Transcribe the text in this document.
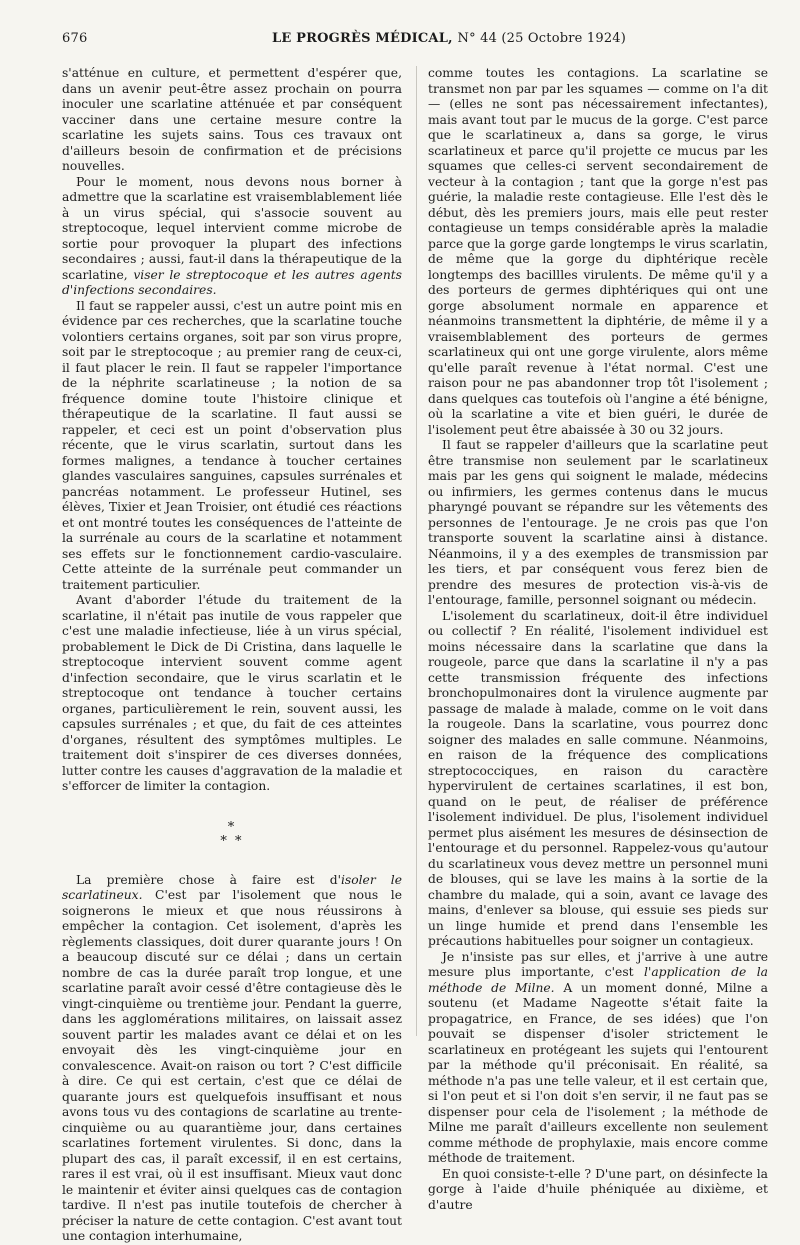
676	LE PROGRÈS MÉDICAL, N° 44 (25 Octobre 1924)

s'atténue en culture, et permettent d'espérer que, dans un avenir peut-être assez prochain on pourra inoculer une scarlatine atténuée et par conséquent vacciner dans une certaine mesure contre la scarlatine les sujets sains. Tous ces travaux ont d'ailleurs besoin de confirmation et de précisions nouvelles.

Pour le moment, nous devons nous borner à admettre que la scarlatine est vraisemblablement liée à un virus spécial, qui s'associe souvent au streptocoque, lequel intervient comme microbe de sortie pour provoquer la plupart des infections secondaires ; aussi, faut-il dans la thérapeutique de la scarlatine, viser le streptocoque et les autres agents d'infections secondaires.

Il faut se rappeler aussi, c'est un autre point mis en évidence par ces recherches, que la scarlatine touche volontiers certains organes, soit par son virus propre, soit par le streptocoque ; au premier rang de ceux-ci, il faut placer le rein. Il faut se rappeler l'importance de la néphrite scarlatineuse ; la notion de sa fréquence domine toute l'histoire clinique et thérapeutique de la scarlatine. Il faut aussi se rappeler, et ceci est un point d'observation plus récente, que le virus scarlatin, surtout dans les formes malignes, a tendance à toucher certaines glandes vasculaires sanguines, capsules surrénales et pancréas notamment. Le professeur Hutinel, ses élèves, Tixier et Jean Troisier, ont étudié ces réactions et ont montré toutes les conséquences de l'atteinte de la surrénale au cours de la scarlatine et notamment ses effets sur le fonctionnement cardio-vasculaire. Cette atteinte de la surrénale peut commander un traitement particulier.

Avant d'aborder l'étude du traitement de la scarlatine, il n'était pas inutile de vous rappeler que c'est une maladie infectieuse, liée à un virus spécial, probablement le Dick de Di Cristina, dans laquelle le streptocoque intervient souvent comme agent d'infection secondaire, que le virus scarlatin et le streptocoque ont tendance à toucher certains organes, particulièrement le rein, souvent aussi, les capsules surrénales ; et que, du fait de ces atteintes d'organes, résultent des symptômes multiples. Le traitement doit s'inspirer de ces diverses données, lutter contre les causes d'aggravation de la maladie et s'efforcer de limiter la contagion.

*
* *

La première chose à faire est d'isoler le scarlatineux. C'est par l'isolement que nous le soignerons le mieux et que nous réussirons à empêcher la contagion. Cet isolement, d'après les règlements classiques, doit durer quarante jours ! On a beaucoup discuté sur ce délai ; dans un certain nombre de cas la durée paraît trop longue, et une scarlatine paraît avoir cessé d'être contagieuse dès le vingt-cinquième ou trentième jour. Pendant la guerre, dans les agglomérations militaires, on laissait assez souvent partir les malades avant ce délai et on les envoyait dès les vingt-cinquième jour en convalescence. Avait-on raison ou tort ? C'est difficile à dire. Ce qui est certain, c'est que ce délai de quarante jours est quelquefois insuffisant et nous avons tous vu des contagions de scarlatine au trente-cinquième ou au quarantième jour, dans certaines scarlatines fortement virulentes. Si donc, dans la plupart des cas, il paraît excessif, il en est certains, rares il est vrai, où il est insuffisant. Mieux vaut donc le maintenir et éviter ainsi quelques cas de contagion tardive. Il n'est pas inutile toutefois de chercher à préciser la nature de cette contagion. C'est avant tout une contagion interhumaine,

comme toutes les contagions. La scarlatine se transmet non par par les squames — comme on l'a dit — (elles ne sont pas nécessairement infectantes), mais avant tout par le mucus de la gorge. C'est parce que le scarlatineux a, dans sa gorge, le virus scarlatineux et parce qu'il projette ce mucus par les squames que celles-ci servent secondairement de vecteur à la contagion ; tant que la gorge n'est pas guérie, la maladie reste contagieuse. Elle l'est dès le début, dès les premiers jours, mais elle peut rester contagieuse un temps considérable après la maladie parce que la gorge garde longtemps le virus scarlatin, de même que la gorge du diphtérique recèle longtemps des bacillles virulents. De même qu'il y a des porteurs de germes diphtériques qui ont une gorge absolument normale en apparence et néanmoins transmettent la diphtérie, de même il y a vraisemblablement des porteurs de germes scarlatineux qui ont une gorge virulente, alors même qu'elle paraît revenue à l'état normal. C'est une raison pour ne pas abandonner trop tôt l'isolement ; dans quelques cas toutefois où l'angine a été bénigne, où la scarlatine a vite et bien guéri, le durée de l'isolement peut être abaissée à 30 ou 32 jours.

Il faut se rappeler d'ailleurs que la scarlatine peut être transmise non seulement par le scarlatineux mais par les gens qui soignent le malade, médecins ou infirmiers, les germes contenus dans le mucus pharyngé pouvant se répandre sur les vêtements des personnes de l'entourage. Je ne crois pas que l'on transporte souvent la scarlatine ainsi à distance. Néanmoins, il y a des exemples de transmission par les tiers, et par conséquent vous ferez bien de prendre des mesures de protection vis-à-vis de l'entourage, famille, personnel soignant ou médecin.

L'isolement du scarlatineux, doit-il être individuel ou collectif ? En réalité, l'isolement individuel est moins nécessaire dans la scarlatine que dans la rougeole, parce que dans la scarlatine il n'y a pas cette transmission fréquente des infections bronchopulmonaires dont la virulence augmente par passage de malade à malade, comme on le voit dans la rougeole. Dans la scarlatine, vous pourrez donc soigner des malades en salle commune. Néanmoins, en raison de la fréquence des complications streptococciques, en raison du caractère hypervirulent de certaines scarlatines, il est bon, quand on le peut, de réaliser de préférence l'isolement individuel. De plus, l'isolement individuel permet plus aisément les mesures de désinsection de l'entourage et du personnel. Rappelez-vous qu'autour du scarlatineux vous devez mettre un personnel muni de blouses, qui se lave les mains à la sortie de la chambre du malade, qui a soin, avant ce lavage des mains, d'enlever sa blouse, qui essuie ses pieds sur un linge humide et prend dans l'ensemble les précautions habituelles pour soigner un contagieux.

Je n'insiste pas sur elles, et j'arrive à une autre mesure plus importante, c'est l'application de la méthode de Milne. A un moment donné, Milne a soutenu (et Madame Nageotte s'était faite la propagatrice, en France, de ses idées) que l'on pouvait se dispenser d'isoler strictement le scarlatineux en protégeant les sujets qui l'entourent par la méthode qu'il préconisait. En réalité, sa méthode n'a pas une telle valeur, et il est certain que, si l'on peut et si l'on doit s'en servir, il ne faut pas se dispenser pour cela de l'isolement ; la méthode de Milne me paraît d'ailleurs excellente non seulement comme méthode de prophylaxie, mais encore comme méthode de traitement.

En quoi consiste-t-elle ? D'une part, on désinfecte la gorge à l'aide d'huile phéniquée au dixième, et d'autre
